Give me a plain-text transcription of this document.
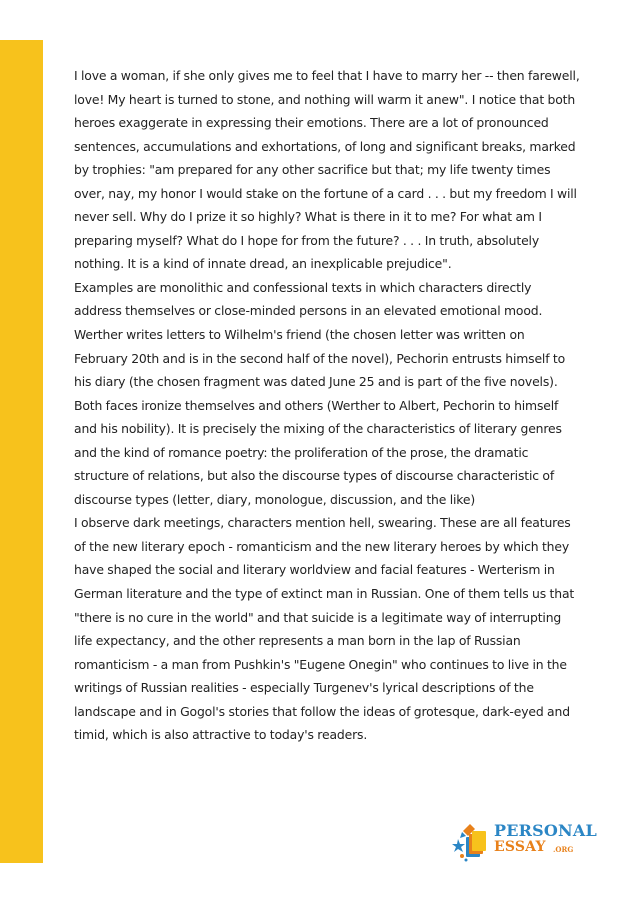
I love a woman, if she only gives me to feel that I have to marry her -- then farewell,
love! My heart is turned to stone, and nothing will warm it anew". I notice that both
heroes exaggerate in expressing their emotions. There are a lot of pronounced
sentences, accumulations and exhortations, of long and significant breaks, marked
by trophies: "am prepared for any other sacrifice but that; my life twenty times
over, nay, my honor I would stake on the fortune of a card . . . but my freedom I will
never sell. Why do I prize it so highly? What is there in it to me? For what am I
preparing myself? What do I hope for from the future? . . . In truth, absolutely
nothing. It is a kind of innate dread, an inexplicable prejudice".
Examples are monolithic and confessional texts in which characters directly
address themselves or close-minded persons in an elevated emotional mood.
Werther writes letters to Wilhelm's friend (the chosen letter was written on
February 20th and is in the second half of the novel), Pechorin entrusts himself to
his diary (the chosen fragment was dated June 25 and is part of the five novels).
Both faces ironize themselves and others (Werther to Albert, Pechorin to himself
and his nobility). It is precisely the mixing of the characteristics of literary genres
and the kind of romance poetry: the proliferation of the prose, the dramatic
structure of relations, but also the discourse types of discourse characteristic of
discourse types (letter, diary, monologue, discussion, and the like)
I observe dark meetings, characters mention hell, swearing. These are all features
of the new literary epoch - romanticism and the new literary heroes by which they
have shaped the social and literary worldview and facial features - Werterism in
German literature and the type of extinct man in Russian. One of them tells us that
"there is no cure in the world" and that suicide is a legitimate way of interrupting
life expectancy, and the other represents a man born in the lap of Russian
romanticism - a man from Pushkin's "Eugene Onegin" who continues to live in the
writings of Russian realities - especially Turgenev's lyrical descriptions of the
landscape and in Gogol's stories that follow the ideas of grotesque, dark-eyed and
timid, which is also attractive to today's readers.
PERSONAL
ESSAY .ORG
